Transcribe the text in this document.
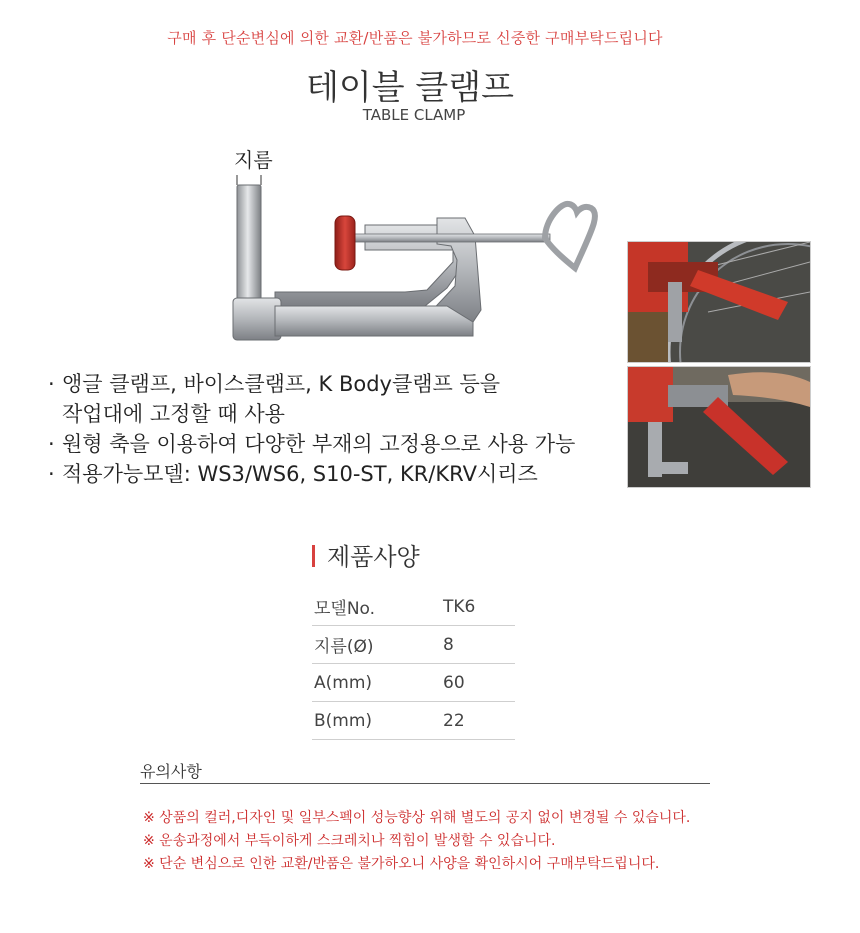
구매 후 단순변심에 의한 교환/반품은 불가하므로 신중한 구매부탁드립니다
테이블 클램프
TABLE CLAMP
지름
· 앵글 클램프, 바이스클램프, K Body클램프 등을
작업대에 고정할 때 사용
· 원형 축을 이용하여 다양한 부재의 고정용으로 사용 가능
· 적용가능모델: WS3/WS6, S10-ST, KR/KRV시리즈
제품사양
모델No.	TK6
지름(Ø)	8
A(mm)	60
B(mm)	22
유의사항
※ 상품의 컬러,디자인 및 일부스펙이 성능향상 위해 별도의 공지 없이 변경될 수 있습니다.
※ 운송과정에서 부득이하게 스크레치나 찍힘이 발생할 수 있습니다.
※ 단순 변심으로 인한 교환/반품은 불가하오니 사양을 확인하시어 구매부탁드립니다.
